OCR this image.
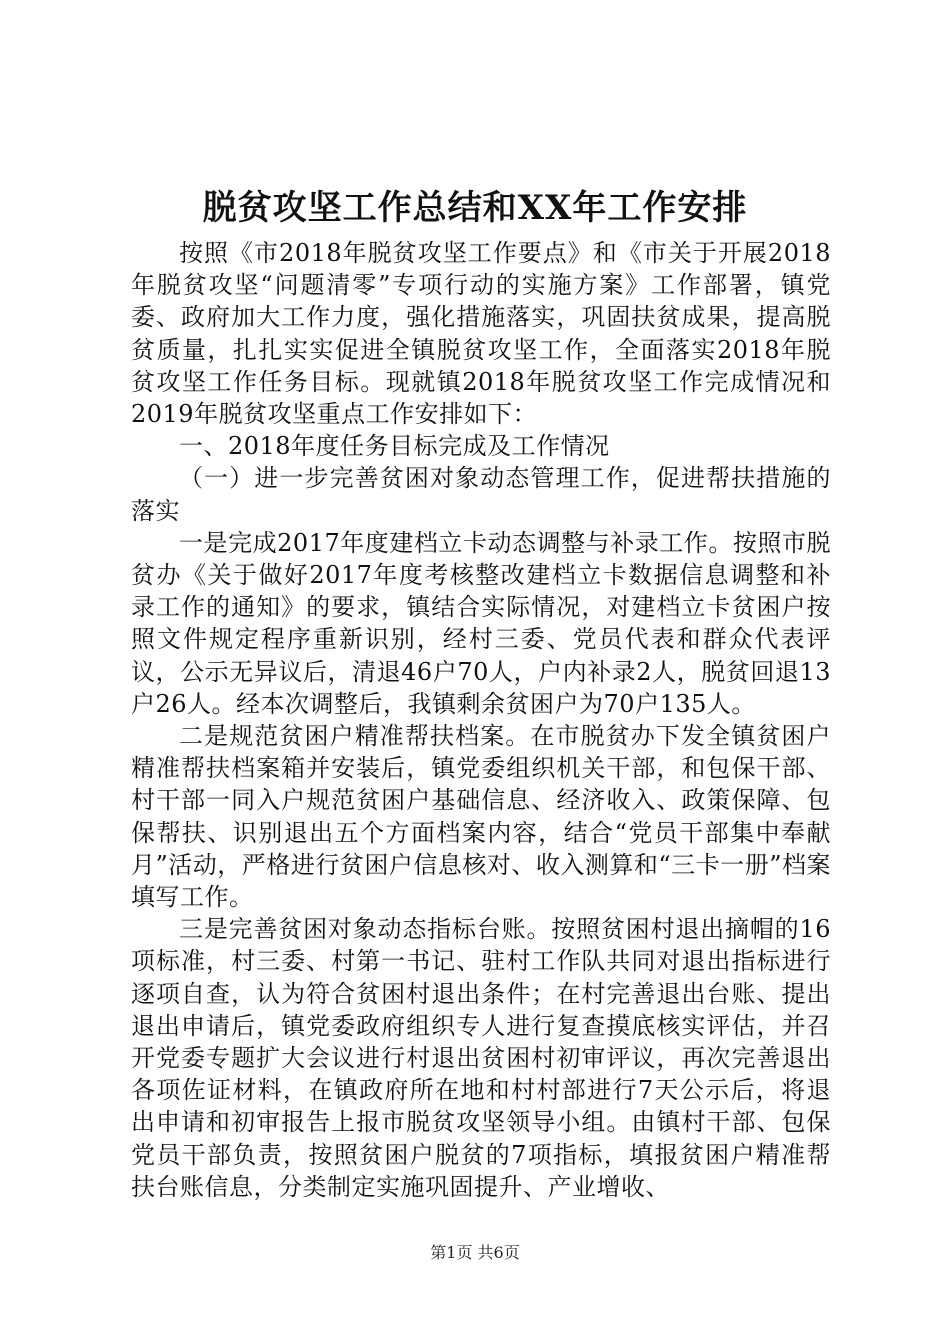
脱贫攻坚工作总结和XX年工作安排

按照《市2018年脱贫攻坚工作要点》和《市关于开展2018年脱贫攻坚“问题清零”专项行动的实施方案》工作部署，镇党委、政府加大工作力度，强化措施落实，巩固扶贫成果，提高脱贫质量，扎扎实实促进全镇脱贫攻坚工作，全面落实2018年脱贫攻坚工作任务目标。现就镇2018年脱贫攻坚工作完成情况和2019年脱贫攻坚重点工作安排如下：

一、2018年度任务目标完成及工作情况

（一）进一步完善贫困对象动态管理工作，促进帮扶措施的落实

一是完成2017年度建档立卡动态调整与补录工作。按照市脱贫办《关于做好2017年度考核整改建档立卡数据信息调整和补录工作的通知》的要求，镇结合实际情况，对建档立卡贫困户按照文件规定程序重新识别，经村三委、党员代表和群众代表评议，公示无异议后，清退46户70人，户内补录2人，脱贫回退13户26人。经本次调整后，我镇剩余贫困户为70户135人。

二是规范贫困户精准帮扶档案。在市脱贫办下发全镇贫困户精准帮扶档案箱并安装后，镇党委组织机关干部，和包保干部、村干部一同入户规范贫困户基础信息、经济收入、政策保障、包保帮扶、识别退出五个方面档案内容，结合“党员干部集中奉献月”活动，严格进行贫困户信息核对、收入测算和“三卡一册”档案填写工作。

三是完善贫困对象动态指标台账。按照贫困村退出摘帽的16项标准，村三委、村第一书记、驻村工作队共同对退出指标进行逐项自查，认为符合贫困村退出条件；在村完善退出台账、提出退出申请后，镇党委政府组织专人进行复查摸底核实评估，并召开党委专题扩大会议进行村退出贫困村初审评议，再次完善退出各项佐证材料，在镇政府所在地和村村部进行7天公示后，将退出申请和初审报告上报市脱贫攻坚领导小组。由镇村干部、包保党员干部负责，按照贫困户脱贫的7项指标，填报贫困户精准帮扶台账信息，分类制定实施巩固提升、产业增收、

第1页 共6页
